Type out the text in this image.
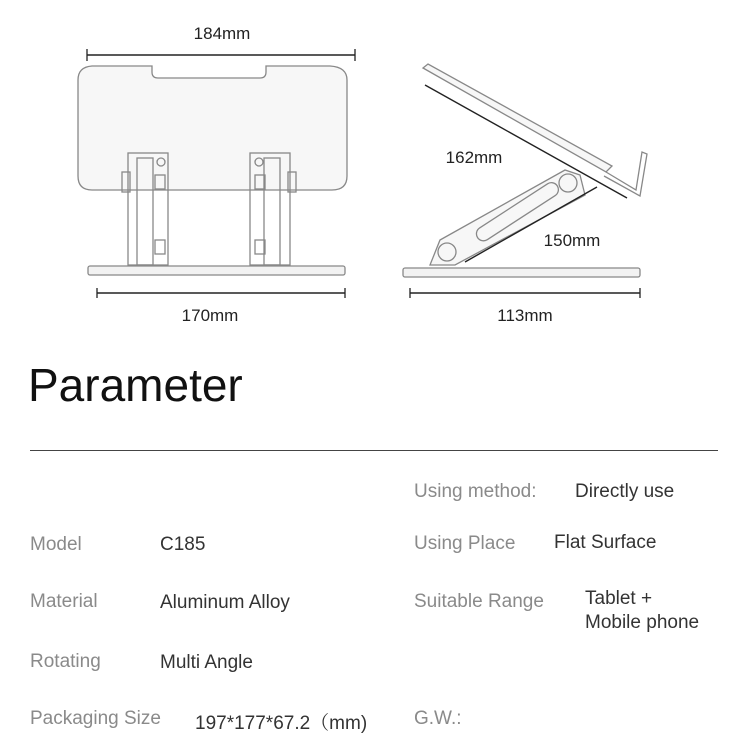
184mm
170mm
162mm
150mm
113mm
Parameter
Model	C185
Material	Aluminum Alloy
Rotating	Multi Angle
Packaging Size 197*177*67.2（mm)
Using method: Directly use
Using Place Flat Surface
Suitable Range Tablet +
Mobile phone
G.W.:
